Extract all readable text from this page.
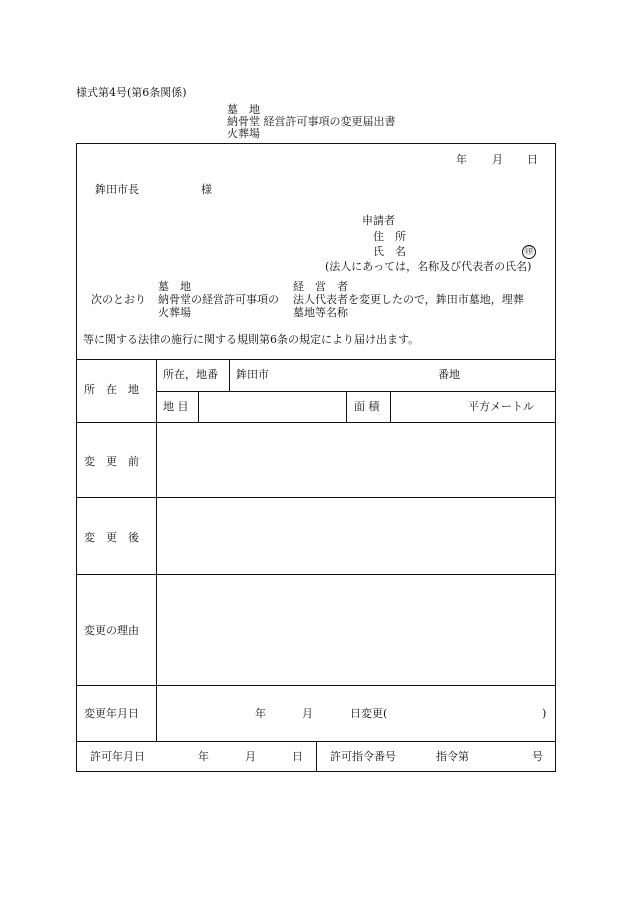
様式第4号(第6条関係)
墓　地
納骨堂 経営許可事項の変更届出書
火葬場
年 月 日
鉾田市長	様
申請者
住　所
氏　名	㊞
(法人にあっては，名称及び代表者の氏名)
墓　地
次のとおり 納骨堂の経営許可事項の
火葬場
経　営　者
法人代表者を変更したので，鉾田市墓地，埋葬
墓地等名称
等に関する法律の施行に関する規則第6条の規定により届け出ます。
所　在　地
所在，地番 鉾田市	番地
地 目	面 積	平方メートル
変　更　前
変　更　後
変更の理由
変更年月日	年	月	日変更(	)
許可年月日	年	月	日 許可指令番号	指令第	号
